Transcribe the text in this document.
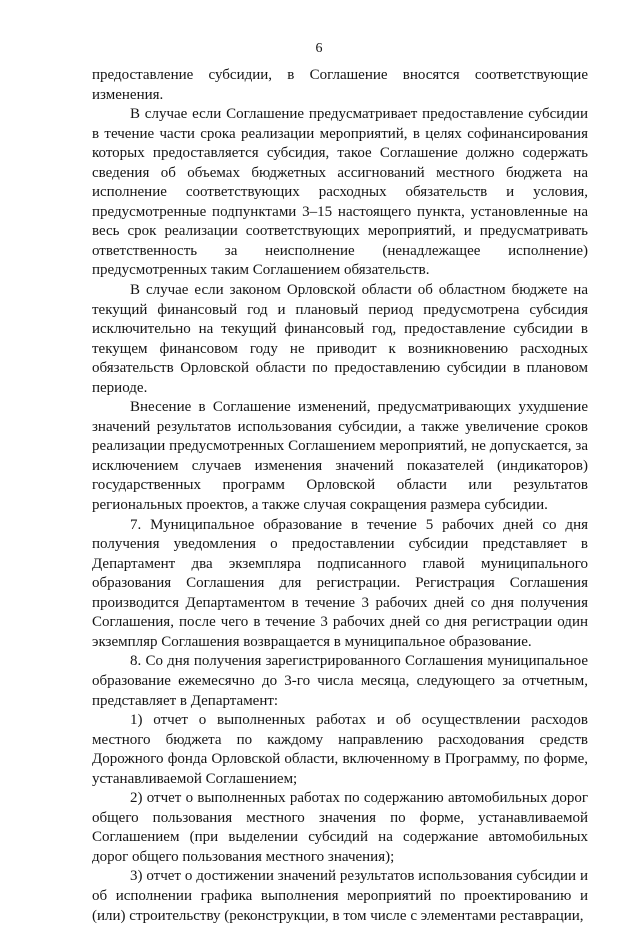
6

предоставление субсидии, в Соглашение вносятся соответствующие изменения.

В случае если Соглашение предусматривает предоставление субсидии в течение части срока реализации мероприятий, в целях софинансирования которых предоставляется субсидия, такое Соглашение должно содержать сведения об объемах бюджетных ассигнований местного бюджета на исполнение соответствующих расходных обязательств и условия, предусмотренные подпунктами 3–15 настоящего пункта, установленные на весь срок реализации соответствующих мероприятий, и предусматривать ответственность за неисполнение (ненадлежащее исполнение) предусмотренных таким Соглашением обязательств.

В случае если законом Орловской области об областном бюджете на текущий финансовый год и плановый период предусмотрена субсидия исключительно на текущий финансовый год, предоставление субсидии в текущем финансовом году не приводит к возникновению расходных обязательств Орловской области по предоставлению субсидии в плановом периоде.

Внесение в Соглашение изменений, предусматривающих ухудшение значений результатов использования субсидии, а также увеличение сроков реализации предусмотренных Соглашением мероприятий, не допускается, за исключением случаев изменения значений показателей (индикаторов) государственных программ Орловской области или результатов региональных проектов, а также случая сокращения размера субсидии.

7. Муниципальное образование в течение 5 рабочих дней со дня получения уведомления о предоставлении субсидии представляет в Департамент два экземпляра подписанного главой муниципального образования Соглашения для регистрации. Регистрация Соглашения производится Департаментом в течение 3 рабочих дней со дня получения Соглашения, после чего в течение 3 рабочих дней со дня регистрации один экземпляр Соглашения возвращается в муниципальное образование.

8. Со дня получения зарегистрированного Соглашения муниципальное образование ежемесячно до 3-го числа месяца, следующего за отчетным, представляет в Департамент:

1) отчет о выполненных работах и об осуществлении расходов местного бюджета по каждому направлению расходования средств Дорожного фонда Орловской области, включенному в Программу, по форме, устанавливаемой Соглашением;

2) отчет о выполненных работах по содержанию автомобильных дорог общего пользования местного значения по форме, устанавливаемой Соглашением (при выделении субсидий на содержание автомобильных дорог общего пользования местного значения);

3) отчет о достижении значений результатов использования субсидии и об исполнении графика выполнения мероприятий по проектированию и (или) строительству (реконструкции, в том числе с элементами реставрации,
